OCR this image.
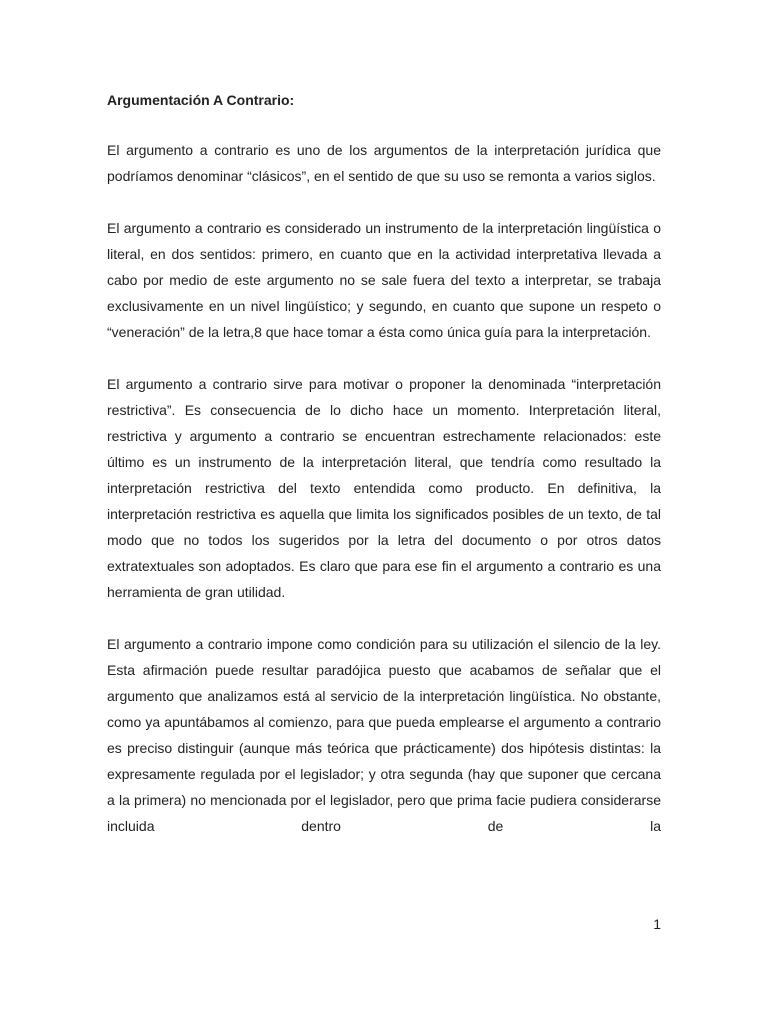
Argumentación A Contrario:

El argumento a contrario es uno de los argumentos de la interpretación jurídica que podríamos denominar “clásicos”, en el sentido de que su uso se remonta a varios siglos.

El argumento a contrario es considerado un instrumento de la interpretación lingüística o literal, en dos sentidos: primero, en cuanto que en la actividad interpretativa llevada a cabo por medio de este argumento no se sale fuera del texto a interpretar, se trabaja exclusivamente en un nivel lingüístico; y segundo, en cuanto que supone un respeto o “veneración” de la letra,8 que hace tomar a ésta como única guía para la interpretación.

El argumento a contrario sirve para motivar o proponer la denominada “interpretación restrictiva”. Es consecuencia de lo dicho hace un momento. Interpretación literal, restrictiva y argumento a contrario se encuentran estrechamente relacionados: este último es un instrumento de la interpretación literal, que tendría como resultado la interpretación restrictiva del texto entendida como producto. En definitiva, la interpretación restrictiva es aquella que limita los significados posibles de un texto, de tal modo que no todos los sugeridos por la letra del documento o por otros datos extratextuales son adoptados. Es claro que para ese fin el argumento a contrario es una herramienta de gran utilidad.

El argumento a contrario impone como condición para su utilización el silencio de la ley. Esta afirmación puede resultar paradójica puesto que acabamos de señalar que el argumento que analizamos está al servicio de la interpretación lingüística. No obstante, como ya apuntábamos al comienzo, para que pueda emplearse el argumento a contrario es preciso distinguir (aunque más teórica que prácticamente) dos hipótesis distintas: la expresamente regulada por el legislador; y otra segunda (hay que suponer que cercana a la primera) no mencionada por el legislador, pero que prima facie pudiera considerarse incluida dentro de la

1
